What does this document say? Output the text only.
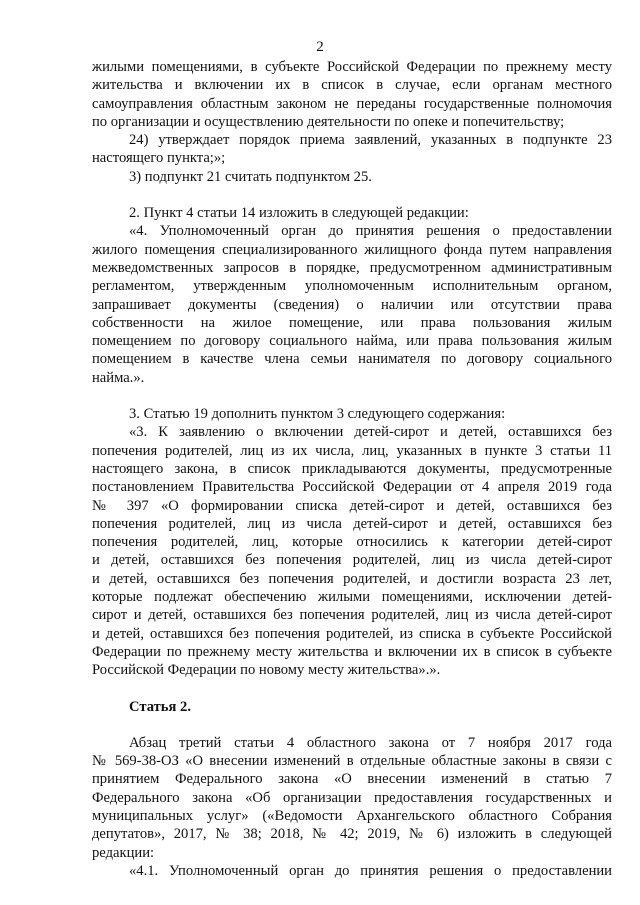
2
жилыми помещениями, в субъекте Российской Федерации по прежнему месту
жительства и включении их в список в случае, если органам местного
самоуправления областным законом не переданы государственные полномочия
по организации и осуществлению деятельности по опеке и попечительству;
24) утверждает порядок приема заявлений, указанных в подпункте 23
настоящего пункта;»;
3) подпункт 21 считать подпунктом 25.
2. Пункт 4 статьи 14 изложить в следующей редакции:
«4. Уполномоченный орган до принятия решения о предоставлении
жилого помещения специализированного жилищного фонда путем направления
межведомственных запросов в порядке, предусмотренном административным
регламентом, утвержденным уполномоченным исполнительным органом,
запрашивает документы (сведения) о наличии или отсутствии права
собственности на жилое помещение, или права пользования жилым
помещением по договору социального найма, или права пользования жилым
помещением в качестве члена семьи нанимателя по договору социального
найма.».
3. Статью 19 дополнить пунктом 3 следующего содержания:
«3. К заявлению о включении детей-сирот и детей, оставшихся без
попечения родителей, лиц из их числа, лиц, указанных в пункте 3 статьи 11
настоящего закона, в список прикладываются документы, предусмотренные
постановлением Правительства Российской Федерации от 4 апреля 2019 года
№ 397 «О формировании списка детей-сирот и детей, оставшихся без
попечения родителей, лиц из числа детей-сирот и детей, оставшихся без
попечения родителей, лиц, которые относились к категории детей-сирот
и детей, оставшихся без попечения родителей, лиц из числа детей-сирот
и детей, оставшихся без попечения родителей, и достигли возраста 23 лет,
которые подлежат обеспечению жилыми помещениями, исключении детей-
сирот и детей, оставшихся без попечения родителей, лиц из числа детей-сирот
и детей, оставшихся без попечения родителей, из списка в субъекте Российской
Федерации по прежнему месту жительства и включении их в список в субъекте
Российской Федерации по новому месту жительства».».
Статья 2.
Абзац третий статьи 4 областного закона от 7 ноября 2017 года
№ 569-38-ОЗ «О внесении изменений в отдельные областные законы в связи с
принятием Федерального закона «О внесении изменений в статью 7
Федерального закона «Об организации предоставления государственных и
муниципальных услуг» («Ведомости Архангельского областного Собрания
депутатов», 2017, № 38; 2018, № 42; 2019, № 6) изложить в следующей
редакции:
«4.1. Уполномоченный орган до принятия решения о предоставлении
